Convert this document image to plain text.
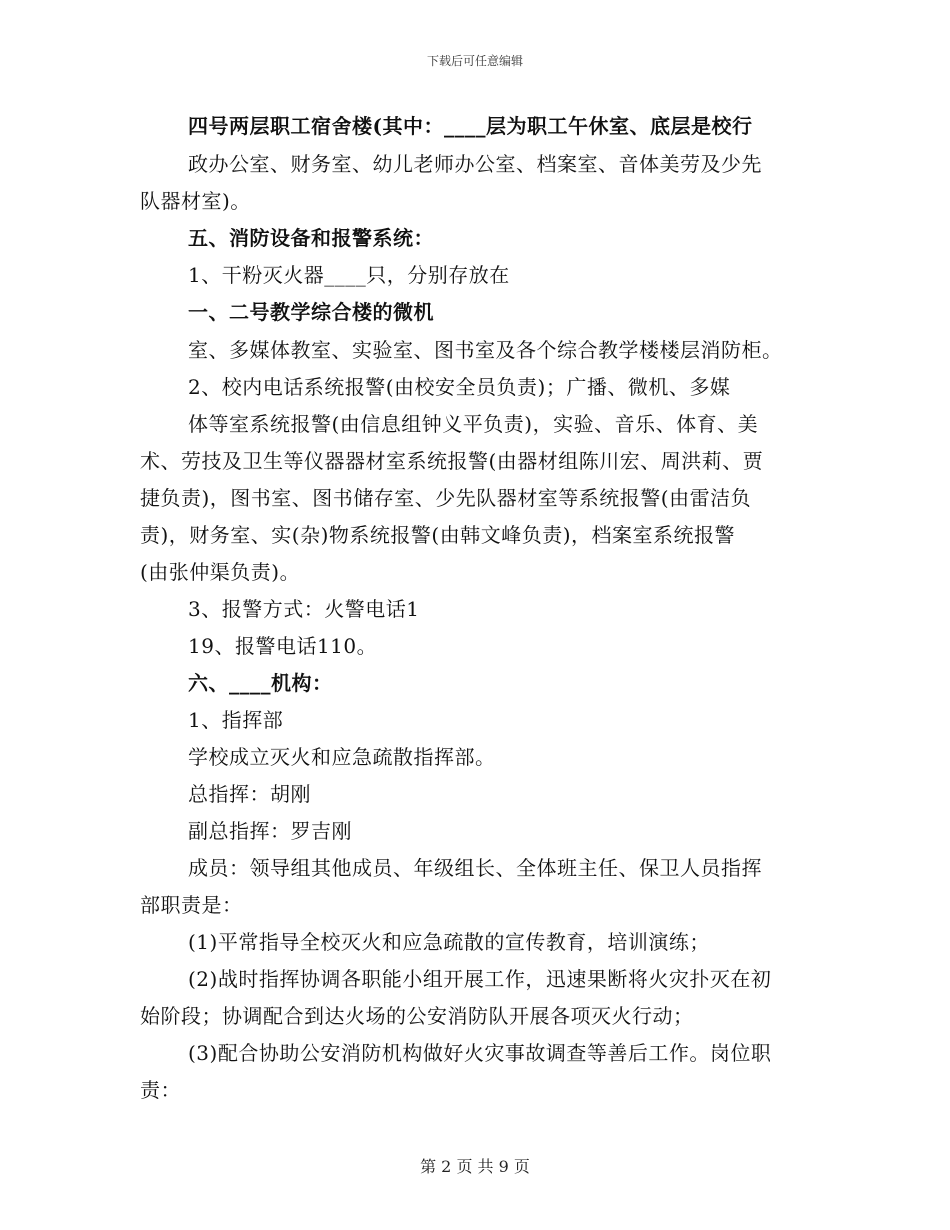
下载后可任意编辑
四号两层职工宿舍楼(其中：____层为职工午休室、底层是校行
政办公室、财务室、幼儿老师办公室、档案室、音体美劳及少先
队器材室)。
五、消防设备和报警系统：
1、干粉灭火器____只，分别存放在
一、二号教学综合楼的微机
室、多媒体教室、实验室、图书室及各个综合教学楼楼层消防柜。
2、校内电话系统报警(由校安全员负责)；广播、微机、多媒
体等室系统报警(由信息组钟义平负责)，实验、音乐、体育、美
术、劳技及卫生等仪器器材室系统报警(由器材组陈川宏、周洪莉、贾
捷负责)，图书室、图书储存室、少先队器材室等系统报警(由雷洁负
责)，财务室、实(杂)物系统报警(由韩文峰负责)，档案室系统报警
(由张仲渠负责)。
3、报警方式：火警电话1
19、报警电话110。
六、____机构：
1、指挥部
学校成立灭火和应急疏散指挥部。
总指挥：胡刚
副总指挥：罗吉刚
成员：领导组其他成员、年级组长、全体班主任、保卫人员指挥
部职责是：
(1)平常指导全校灭火和应急疏散的宣传教育，培训演练；
(2)战时指挥协调各职能小组开展工作，迅速果断将火灾扑灭在初
始阶段；协调配合到达火场的公安消防队开展各项灭火行动；
(3)配合协助公安消防机构做好火灾事故调查等善后工作。岗位职
责：
第 2 页 共 9 页
